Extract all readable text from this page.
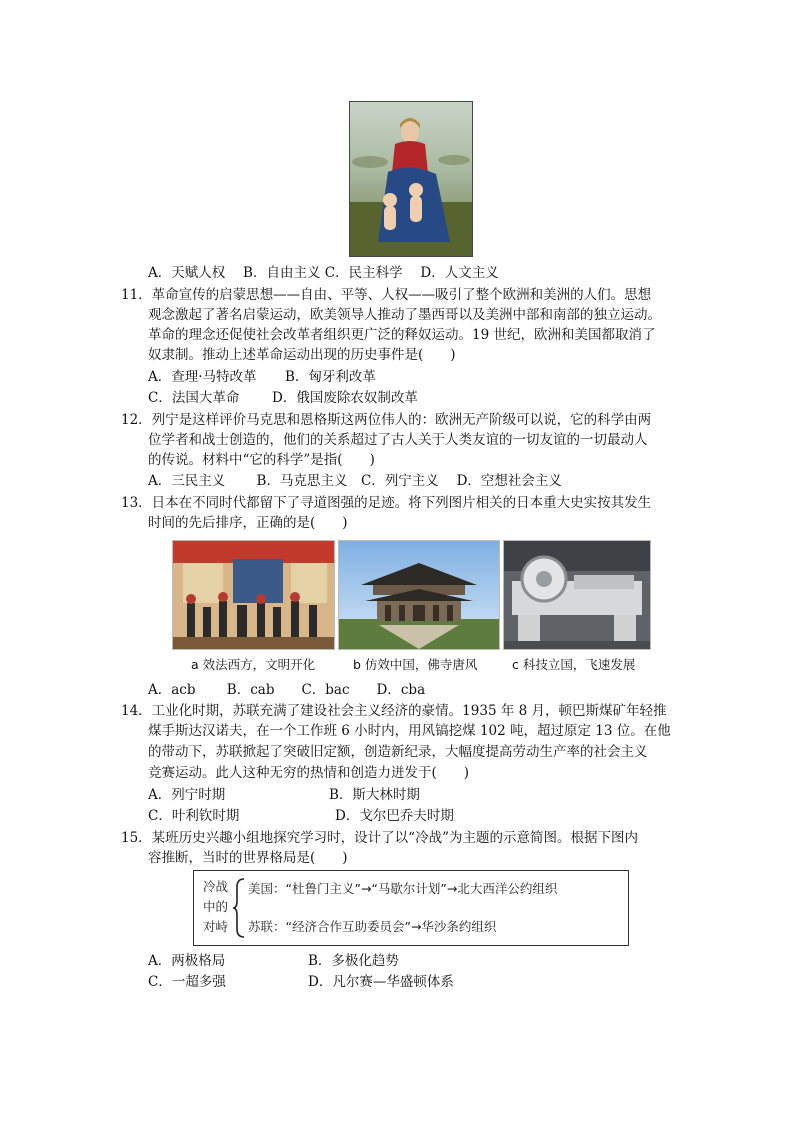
A．天赋人权　 B．自由主义 C．民主科学　 D．人文主义
11．革命宣传的启蒙思想——自由、平等、人权——吸引了整个欧洲和美洲的人们。思想
观念激起了著名启蒙运动，欧美领导人推动了墨西哥以及美洲中部和南部的独立运动。
革命的理念还促使社会改革者组织更广泛的释奴运动。19 世纪，欧洲和美国都取消了
奴隶制。推动上述革命运动出现的历史事件是(　　)
A．查理·马特改革 B．匈牙利改革
C．法国大革命 D．俄国废除农奴制改革
12．列宁是这样评价马克思和恩格斯这两位伟人的：欧洲无产阶级可以说，它的科学由两
位学者和战士创造的，他们的关系超过了古人关于人类友谊的一切友谊的一切最动人
的传说。材料中“它的科学”是指(　　)
A．三民主义　　 B．马克思主义　C．列宁主义　 D．空想社会主义
13．日本在不同时代都留下了寻道图强的足迹。将下列图片相关的日本重大史实按其发生
时间的先后排序，正确的是(　　)
a 效法西方，文明开化	b 仿效中国，佛寺唐风	c 科技立国，飞速发展
A．acb　　 B．cab　　C．bac　　D．cba
14．工业化时期，苏联充满了建设社会主义经济的豪情。1935 年 8 月，顿巴斯煤矿年轻推
煤手斯达汉诺夫，在一个工作班 6 小时内，用风镐挖煤 102 吨，超过原定 13 位。在他
的带动下，苏联掀起了突破旧定额，创造新纪录，大幅度提高劳动生产率的社会主义
竞赛运动。此人这种无穷的热情和创造力迸发于(　　)
A．列宁时期	B．斯大林时期
C．叶利钦时期	D．戈尔巴乔夫时期
15．某班历史兴趣小组地探究学习时，设计了以“冷战”为主题的示意简图。根据下图内
容推断，当时的世界格局是(　　)
冷战中的对峙
美国：“杜鲁门主义”→“马歇尔计划”→北大西洋公约组织
苏联：“经济合作互助委员会”→华沙条约组织
A．两极格局	B．多极化趋势
C．一超多强	D．凡尔赛—华盛顿体系
